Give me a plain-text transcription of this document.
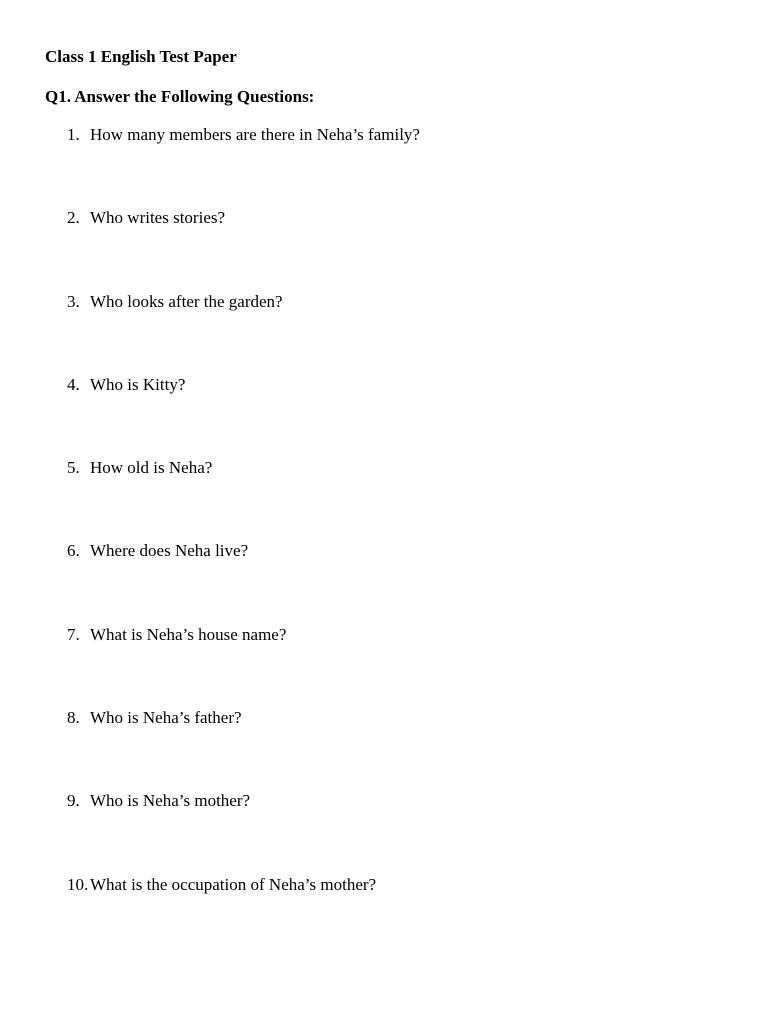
Class 1 English Test Paper
Q1. Answer the Following Questions:
1. How many members are there in Neha’s family?
2. Who writes stories?
3. Who looks after the garden?
4. Who is Kitty?
5. How old is Neha?
6. Where does Neha live?
7. What is Neha’s house name?
8. Who is Neha’s father?
9. Who is Neha’s mother?
10. What is the occupation of Neha’s mother?
